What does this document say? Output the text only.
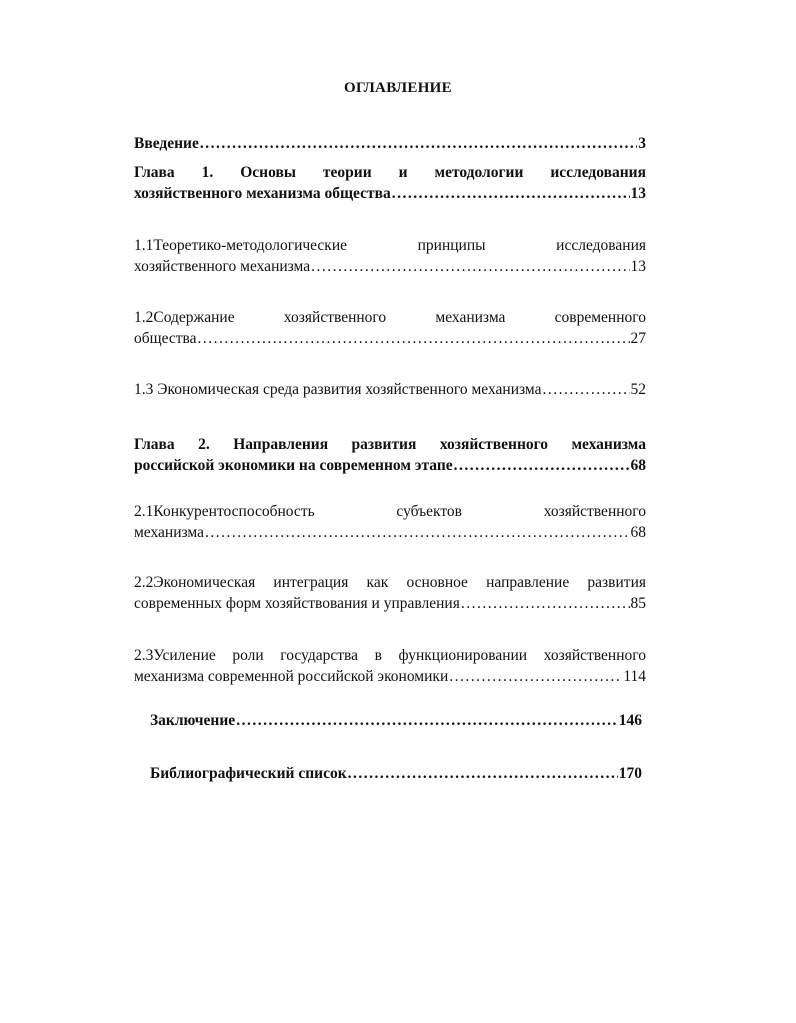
ОГЛАВЛЕНИЕ
Введение .....	3
Глава 1. Основы теории и методологии исследования
хозяйственного механизма общества .....	13
1.1Теоретико-методологические принципы исследования
хозяйственного механизма .....	13
1.2Содержание хозяйственного механизма современного
общества .....	27
1.3 Экономическая среда развития хозяйственного механизма .....	52
Глава 2. Направления развития хозяйственного механизма
российской экономики на современном этапе .....	68
2.1Конкурентоспособность субъектов хозяйственного
механизма .....	68
2.2Экономическая интеграция как основное направление развития
современных форм хозяйствования и управления .....	85
2.3Усиление роли государства в функционировании хозяйственного
механизма современной российской экономики .....	114
Заключение .....	146
Библиографический список .....	170
